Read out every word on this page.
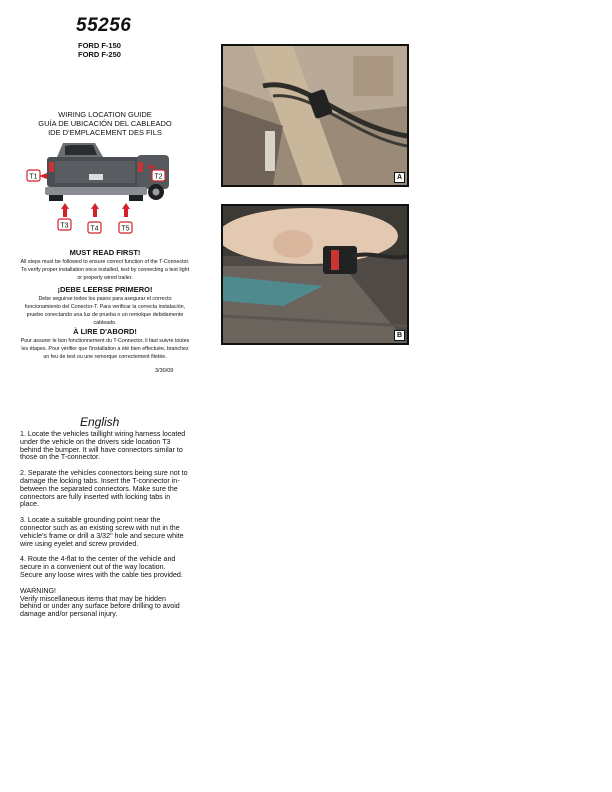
55256
FORD F-150
FORD F-250
WIRING LOCATION GUIDE
GUÍA DE UBICACIÓN DEL CABLEADO
IDE D'EMPLACEMENT DES FILS
T1	T2
T3	T4	T5
MUST READ FIRST!
All steps must be followed to ensure correct function of the T-Connector. To verify proper installation once installed, test by connecting a test light or properly wired trailer.
¡DEBE LEERSE PRIMERO!
Debe seguirse todos los pasos para asegurar el correcto funcionamiento del Conector-T. Para verificar la correcta instalación, pruebe conectando una luz de prueba o un remolque debidamente cableado.
À LIRE D'ABORD!
Pour assurer le bon fonctionnement du T-Connector, il faut suivre toutes les étapes. Pour vérifier que l'installation a été bien effectuée, branchez un feu de test ou une remorque correctement filetée.
3/30/09
A
B
English

1. Locate the vehicles taillight wiring harness located under the vehicle on the drivers side location T3 behind the bumper. It will have connectors similar to those on the T-connector.

2. Separate the vehicles connectors being sure not to damage the locking tabs. Insert the T-connector in-between the separated connectors. Make sure the connectors are fully inserted with locking tabs in place.

3. Locate a suitable grounding point near the connector such as an existing screw with nut in the vehicle's frame or drill a 3/32" hole and secure white wire using eyelet and screw provided.

4. Route the 4-flat to the center of the vehicle and secure in a convenient out of the way location. Secure any loose wires with the cable ties provided.

WARNING!
Verify miscellaneous items that may be hidden behind or under any surface before drilling to avoid damage and/or personal injury.
